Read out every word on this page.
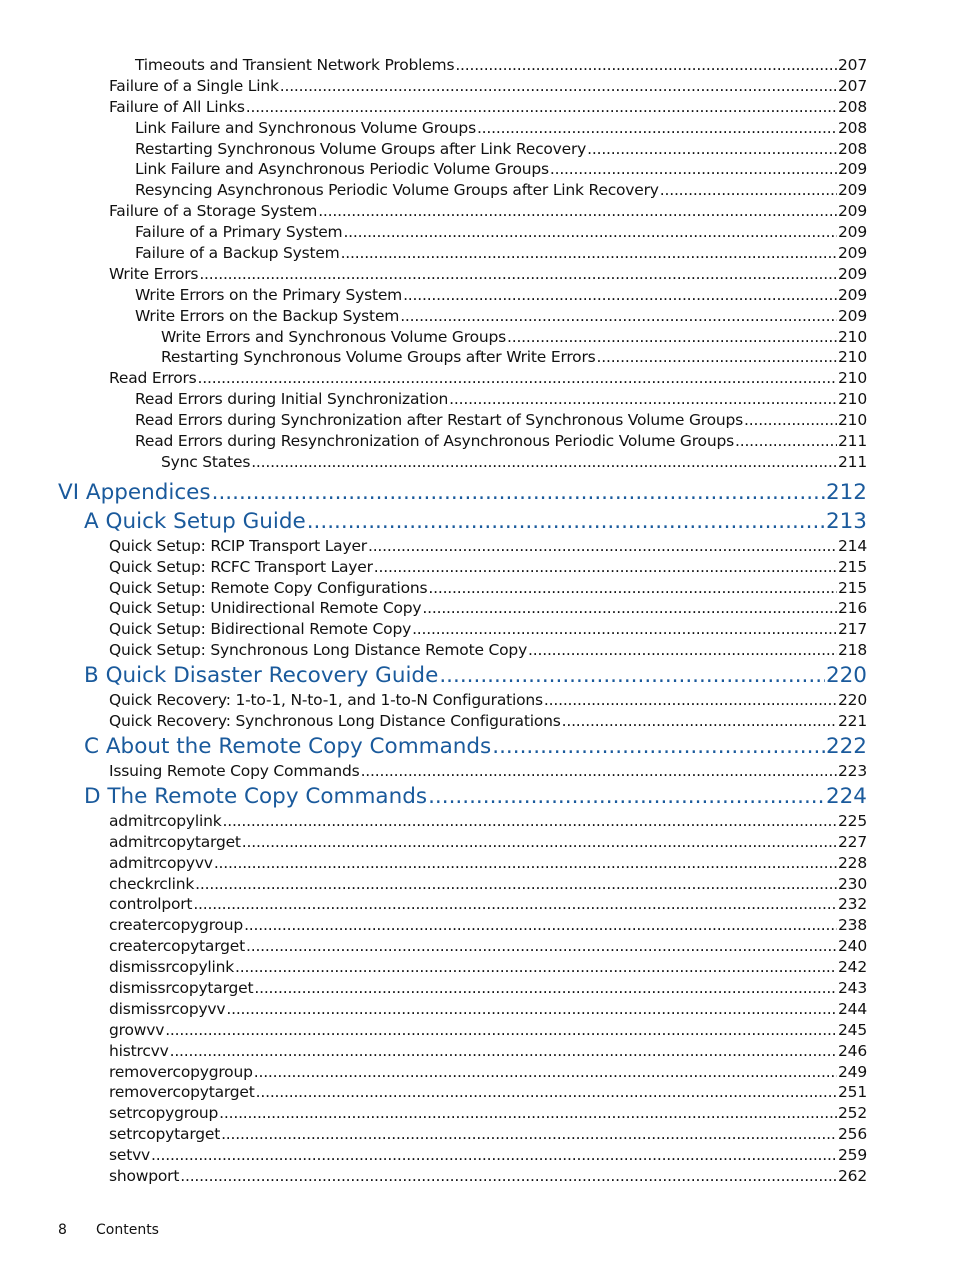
Timeouts and Transient Network Problems .....	207
Failure of a Single Link .....	207
Failure of All Links .....	208
Link Failure and Synchronous Volume Groups .....	208
Restarting Synchronous Volume Groups after Link Recovery .....	208
Link Failure and Asynchronous Periodic Volume Groups .....	209
Resyncing Asynchronous Periodic Volume Groups after Link Recovery .....	209
Failure of a Storage System .....	209
Failure of a Primary System .....	209
Failure of a Backup System .....	209
Write Errors .....	209
Write Errors on the Primary System .....	209
Write Errors on the Backup System .....	209
Write Errors and Synchronous Volume Groups .....	210
Restarting Synchronous Volume Groups after Write Errors .....	210
Read Errors .....	210
Read Errors during Initial Synchronization .....	210
Read Errors during Synchronization after Restart of Synchronous Volume Groups .....	210
Read Errors during Resynchronization of Asynchronous Periodic Volume Groups .....	211
Sync States .....	211
VI Appendices .....	212
A Quick Setup Guide .....	213
Quick Setup: RCIP Transport Layer .....	214
Quick Setup: RCFC Transport Layer .....	215
Quick Setup: Remote Copy Configurations .....	215
Quick Setup: Unidirectional Remote Copy .....	216
Quick Setup: Bidirectional Remote Copy .....	217
Quick Setup: Synchronous Long Distance Remote Copy .....	218
B Quick Disaster Recovery Guide .....	220
Quick Recovery: 1-to-1, N-to-1, and 1-to-N Configurations .....	220
Quick Recovery: Synchronous Long Distance Configurations .....	221
C About the Remote Copy Commands .....	222
Issuing Remote Copy Commands .....	223
D The Remote Copy Commands .....	224
admitrcopylink .....	225
admitrcopytarget .....	227
admitrcopyvv .....	228
checkrclink .....	230
controlport .....	232
creatercopygroup .....	238
creatercopytarget .....	240
dismissrcopylink .....	242
dismissrcopytarget .....	243
dismissrcopyvv .....	244
growvv .....	245
histrcvv .....	246
removercopygroup .....	249
removercopytarget .....	251
setrcopygroup .....	252
setrcopytarget .....	256
setvv .....	259
showport .....	262
8 Contents
